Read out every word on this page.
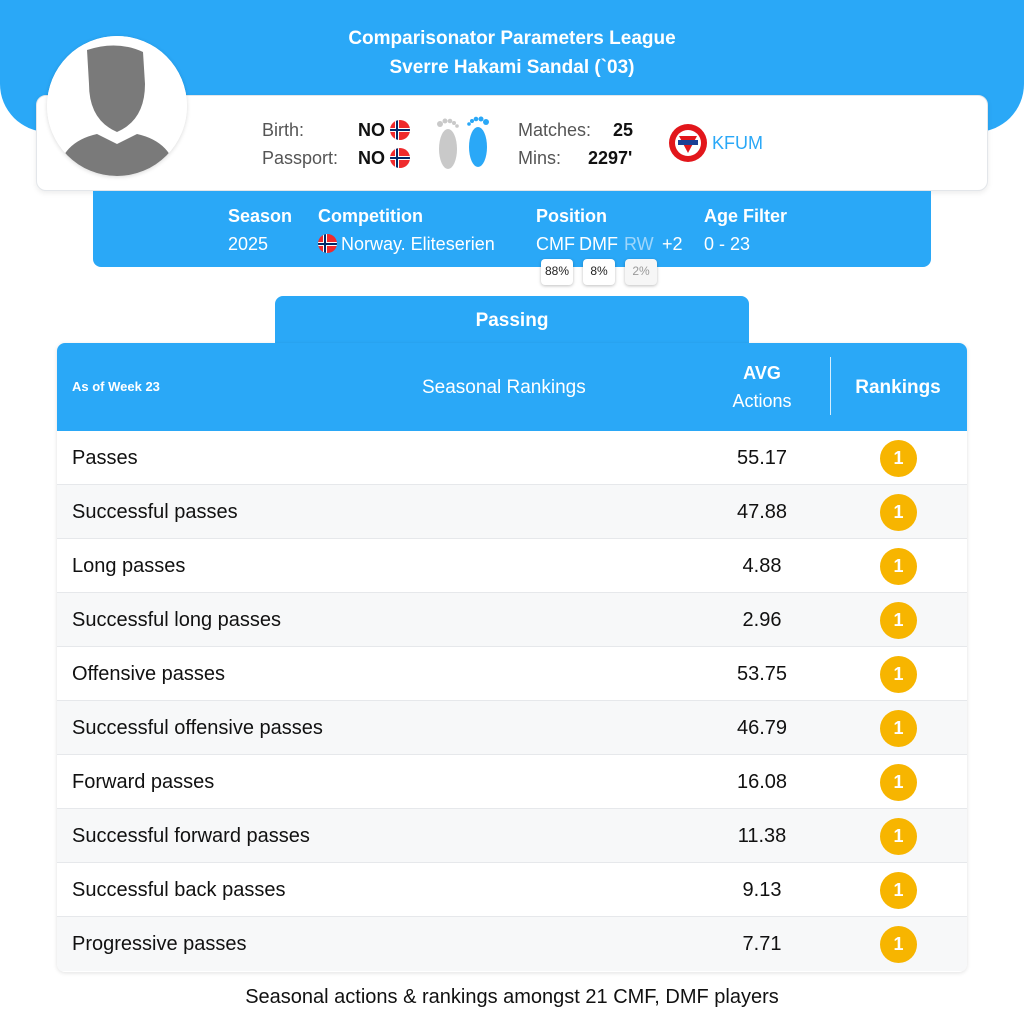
Comparisonator Parameters League
Sverre Hakami Sandal (`03)
Birth:	NO
Passport: NO
Matches: 25
Mins: 2297'
KFUM
Season
2025
Competition
Norway. Eliteserien
Position
CMF DMF RW +2
88%	8%	2%
Age Filter
0 - 23
Passing
As of Week 23	Seasonal Rankings
AVG
Actions
Rankings
Passes	55.17	1
Successful passes	47.88	1
Long passes	4.88	1
Successful long passes	2.96	1
Offensive passes	53.75	1
Successful offensive passes	46.79	1
Forward passes	16.08	1
Successful forward passes	11.38	1
Successful back passes	9.13	1
Progressive passes	7.71	1
Seasonal actions & rankings amongst 21 CMF, DMF players
